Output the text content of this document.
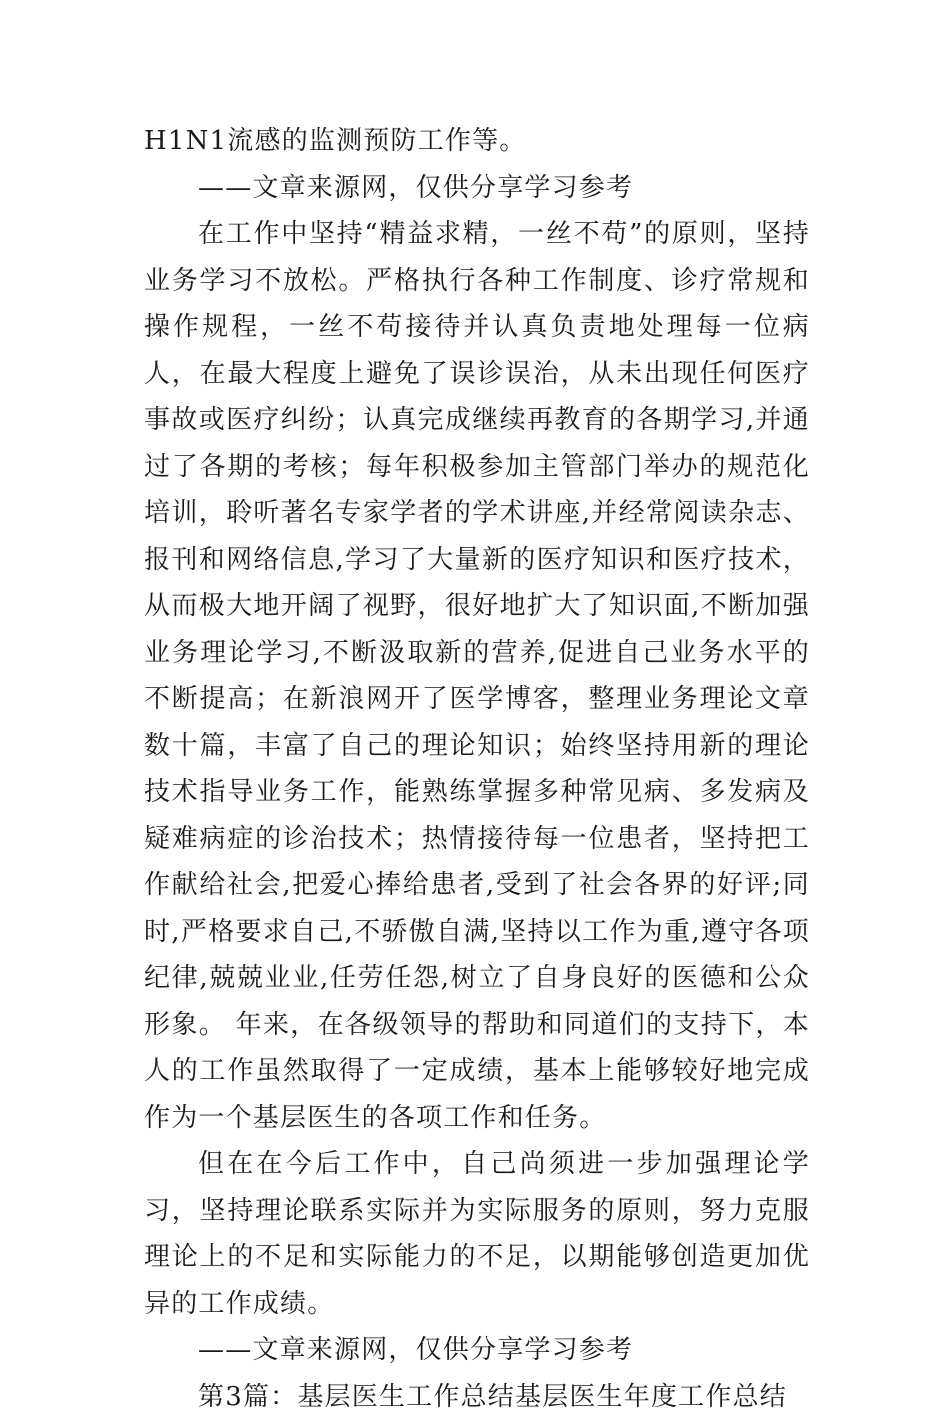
H1N1流感的监测预防工作等。

——文章来源网，仅供分享学习参考

在工作中坚持“精益求精，一丝不苟”的原则，坚持业务学习不放松。严格执行各种工作制度、诊疗常规和操作规程，一丝不苟接待并认真负责地处理每一位病人，在最大程度上避免了误诊误治，从未出现任何医疗事故或医疗纠纷；认真完成继续再教育的各期学习,并通过了各期的考核；每年积极参加主管部门举办的规范化培训，聆听著名专家学者的学术讲座,并经常阅读杂志、报刊和网络信息,学习了大量新的医疗知识和医疗技术，从而极大地开阔了视野，很好地扩大了知识面,不断加强业务理论学习,不断汲取新的营养,促进自己业务水平的不断提高；在新浪网开了医学博客，整理业务理论文章数十篇，丰富了自己的理论知识；始终坚持用新的理论技术指导业务工作，能熟练掌握多种常见病、多发病及疑难病症的诊治技术；热情接待每一位患者，坚持把工作献给社会,把爱心捧给患者,受到了社会各界的好评;同时,严格要求自己,不骄傲自满,坚持以工作为重,遵守各项纪律,兢兢业业,任劳任怨,树立了自身良好的医德和公众形象。 年来，在各级领导的帮助和同道们的支持下，本人的工作虽然取得了一定成绩，基本上能够较好地完成作为一个基层医生的各项工作和任务。

但在在今后工作中，自己尚须进一步加强理论学习，坚持理论联系实际并为实际服务的原则，努力克服理论上的不足和实际能力的不足，以期能够创造更加优异的工作成绩。

——文章来源网，仅供分享学习参考

第3篇：基层医生工作总结基层医生年度工作总结
